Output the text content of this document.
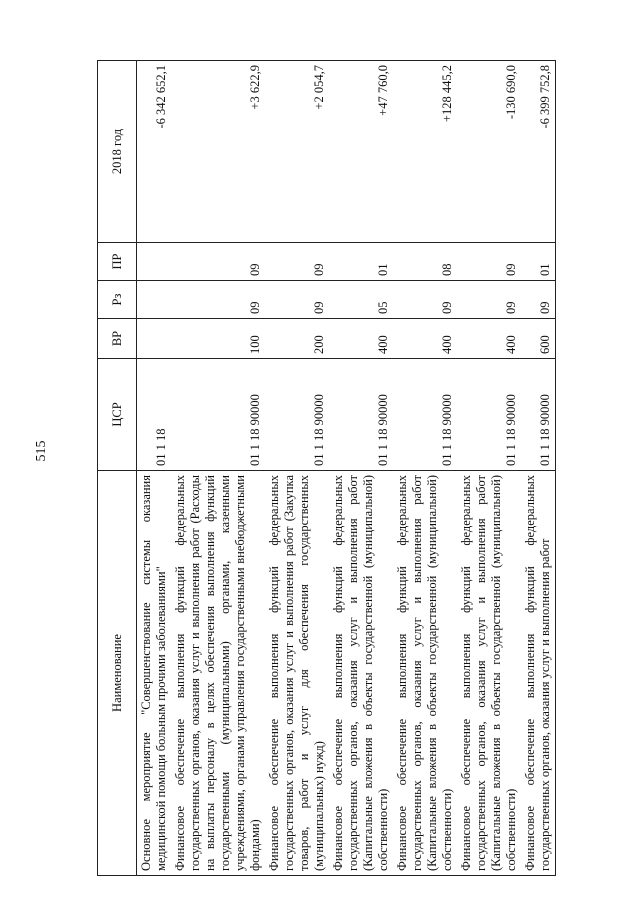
515
Наименование	ЦСР	ВР	Рз	ПР	2018 год
Основное мероприятие "Совершенствование системы оказания медицинской помощи больным прочими заболеваниями"	01 1 18				-6 342 652,1
Финансовое обеспечение выполнения функций федеральных государственных органов, оказания услуг и выполнения работ (Расходы на выплаты персоналу в целях обеспечения выполнения функций государственными (муниципальными) органами, казенными учреждениями, органами управления государственными внебюджетными фондами)	01 1 18 90000	100	09	09	+3 622,9
Финансовое обеспечение выполнения функций федеральных государственных органов, оказания услуг и выполнения работ (Закупка товаров, работ и услуг для обеспечения государственных (муниципальных) нужд)	01 1 18 90000	200	09	09	+2 054,7
Финансовое обеспечение выполнения функций федеральных государственных органов, оказания услуг и выполнения работ (Капитальные вложения в объекты государственной (муниципальной) собственности)	01 1 18 90000	400	05	01	+47 760,0
Финансовое обеспечение выполнения функций федеральных государственных органов, оказания услуг и выполнения работ (Капитальные вложения в объекты государственной (муниципальной) собственности)	01 1 18 90000	400	09	08	+128 445,2
Финансовое обеспечение выполнения функций федеральных государственных органов, оказания услуг и выполнения работ (Капитальные вложения в объекты государственной (муниципальной) собственности)	01 1 18 90000	400	09	09	-130 690,0
Финансовое обеспечение выполнения функций федеральных государственных органов, оказания услуг и выполнения работ	01 1 18 90000	600	09	01	-6 399 752,8
